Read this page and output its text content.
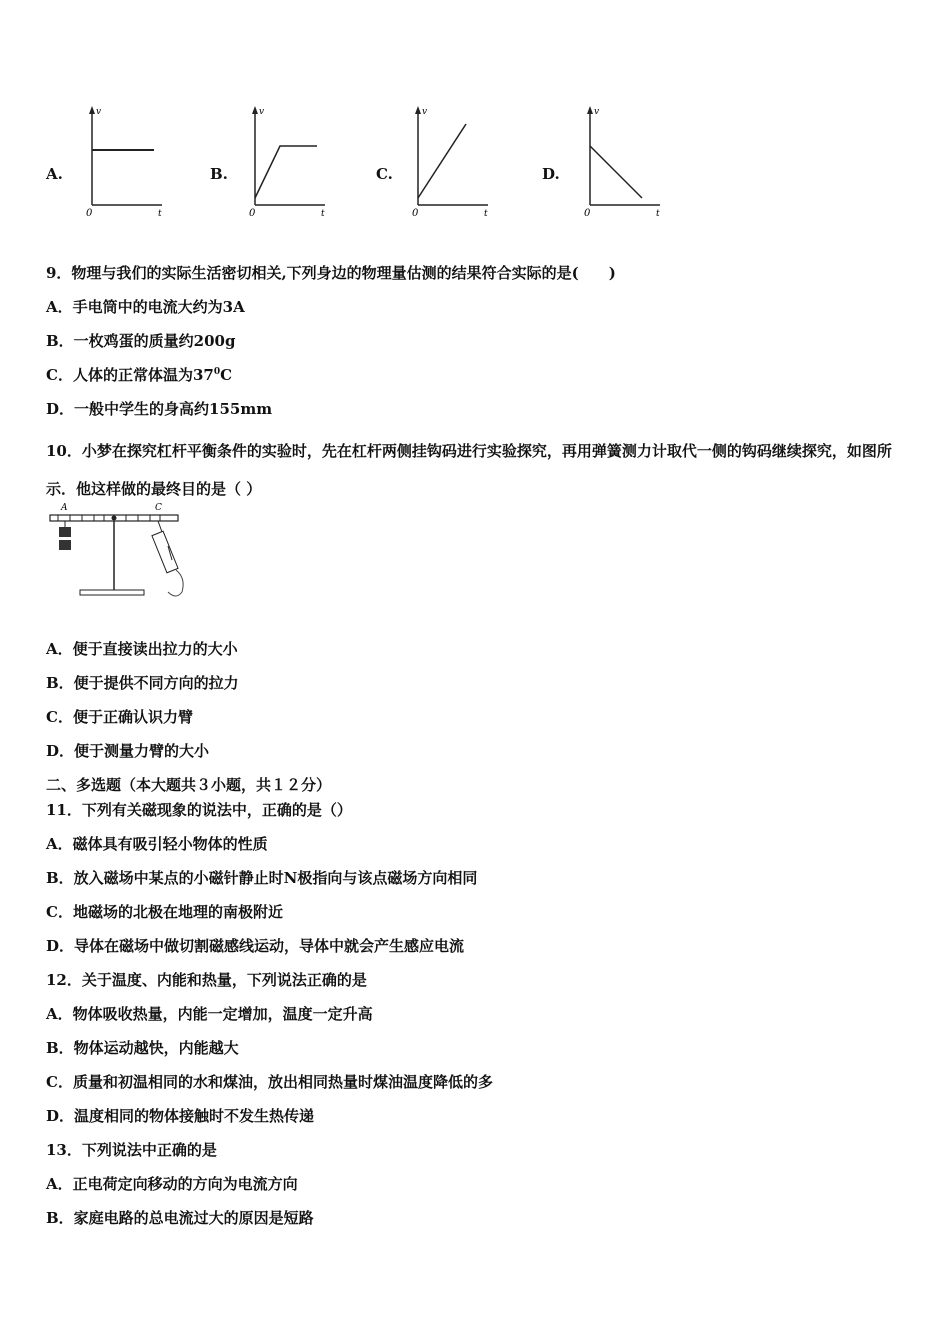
A.
v
t
0
B.
v
t
0
C.
v
t
0
D.
v
t
0
9．物理与我们的实际生活密切相关,下列身边的物理量估测的结果符合实际的是(　　)
A．手电筒中的电流大约为3A
B．一枚鸡蛋的质量约200g
C．人体的正常体温为$37^0C$
D．一般中学生的身高约155mm
10．小梦在探究杠杆平衡条件的实验时，先在杠杆两侧挂钩码进行实验探究，再用弹簧测力计取代一侧的钩码继续探究，如图所示．他这样做的最终目的是（ ）
A	C
A．便于直接读出拉力的大小
B．便于提供不同方向的拉力
C．便于正确认识力臂
D．便于测量力臂的大小
二、多选题（本大题共３小题，共１２分）
11．下列有关磁现象的说法中，正确的是（）
A．磁体具有吸引轻小物体的性质
B．放入磁场中某点的小磁针静止时N极指向与该点磁场方向相同
C．地磁场的北极在地理的南极附近
D．导体在磁场中做切割磁感线运动，导体中就会产生感应电流
12．关于温度、内能和热量，下列说法正确的是
A．物体吸收热量，内能一定增加，温度一定升高
B．物体运动越快，内能越大
C．质量和初温相同的水和煤油，放出相同热量时煤油温度降低的多
D．温度相同的物体接触时不发生热传递
13．下列说法中正确的是
A．正电荷定向移动的方向为电流方向
B．家庭电路的总电流过大的原因是短路
